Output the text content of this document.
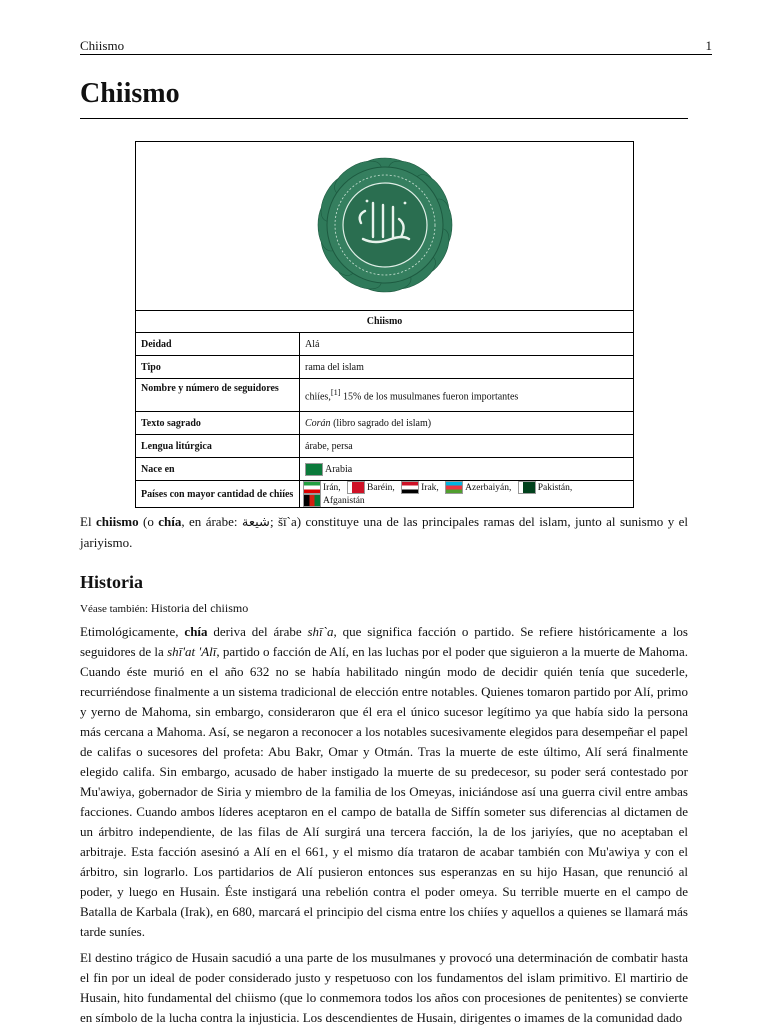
Chiismo	1
Chiismo

Chiismo	
Deidad	Alá
Tipo	rama del islam
Nombre y número de seguidores	chiíes,[1] 15% de los musulmanes fueron importantes
Texto sagrado	Corán (libro sagrado del islam)
Lengua litúrgica	árabe, persa
Nace en	Arabia
Países con mayor cantidad de chiíes	Irán, Baréin, Irak, Azerbaiyán, Pakistán, Afganistán

El chiismo (o chía, en árabe: شيعة; šī`a) constituye una de las principales ramas del islam, junto al sunismo y el jariyismo.

Historia
Véase también: Historia del chiismo

Etimológicamente, chía deriva del árabe shī`a, que significa facción o partido. Se refiere históricamente a los seguidores de la shī'at 'Alī, partido o facción de Alí, en las luchas por el poder que siguieron a la muerte de Mahoma. Cuando éste murió en el año 632 no se había habilitado ningún modo de decidir quién tenía que sucederle, recurriéndose finalmente a un sistema tradicional de elección entre notables. Quienes tomaron partido por Alí, primo y yerno de Mahoma, sin embargo, consideraron que él era el único sucesor legítimo ya que había sido la persona más cercana a Mahoma. Así, se negaron a reconocer a los notables sucesivamente elegidos para desempeñar el papel de califas o sucesores del profeta: Abu Bakr, Omar y Otmán. Tras la muerte de este último, Alí será finalmente elegido califa. Sin embargo, acusado de haber instigado la muerte de su predecesor, su poder será contestado por Mu'awiya, gobernador de Siria y miembro de la familia de los Omeyas, iniciándose así una guerra civil entre ambas facciones. Cuando ambos líderes aceptaron en el campo de batalla de Siffín someter sus diferencias al dictamen de un árbitro independiente, de las filas de Alí surgirá una tercera facción, la de los jariyíes, que no aceptaban el arbitraje. Esta facción asesinó a Alí en el 661, y el mismo día trataron de acabar también con Mu'awiya y con el árbitro, sin lograrlo. Los partidarios de Alí pusieron entonces sus esperanzas en su hijo Hasan, que renunció al poder, y luego en Husain. Éste instigará una rebelión contra el poder omeya. Su terrible muerte en el campo de Batalla de Karbala (Irak), en 680, marcará el principio del cisma entre los chiíes y aquellos a quienes se llamará más tarde suníes.

El destino trágico de Husain sacudió a una parte de los musulmanes y provocó una determinación de combatir hasta el fin por un ideal de poder considerado justo y respetuoso con los fundamentos del islam primitivo. El martirio de Husain, hito fundamental del chiismo (que lo conmemora todos los años con procesiones de penitentes) se convierte en símbolo de la lucha contra la injusticia. Los descendientes de Husain, dirigentes o imames de la comunidad dado
